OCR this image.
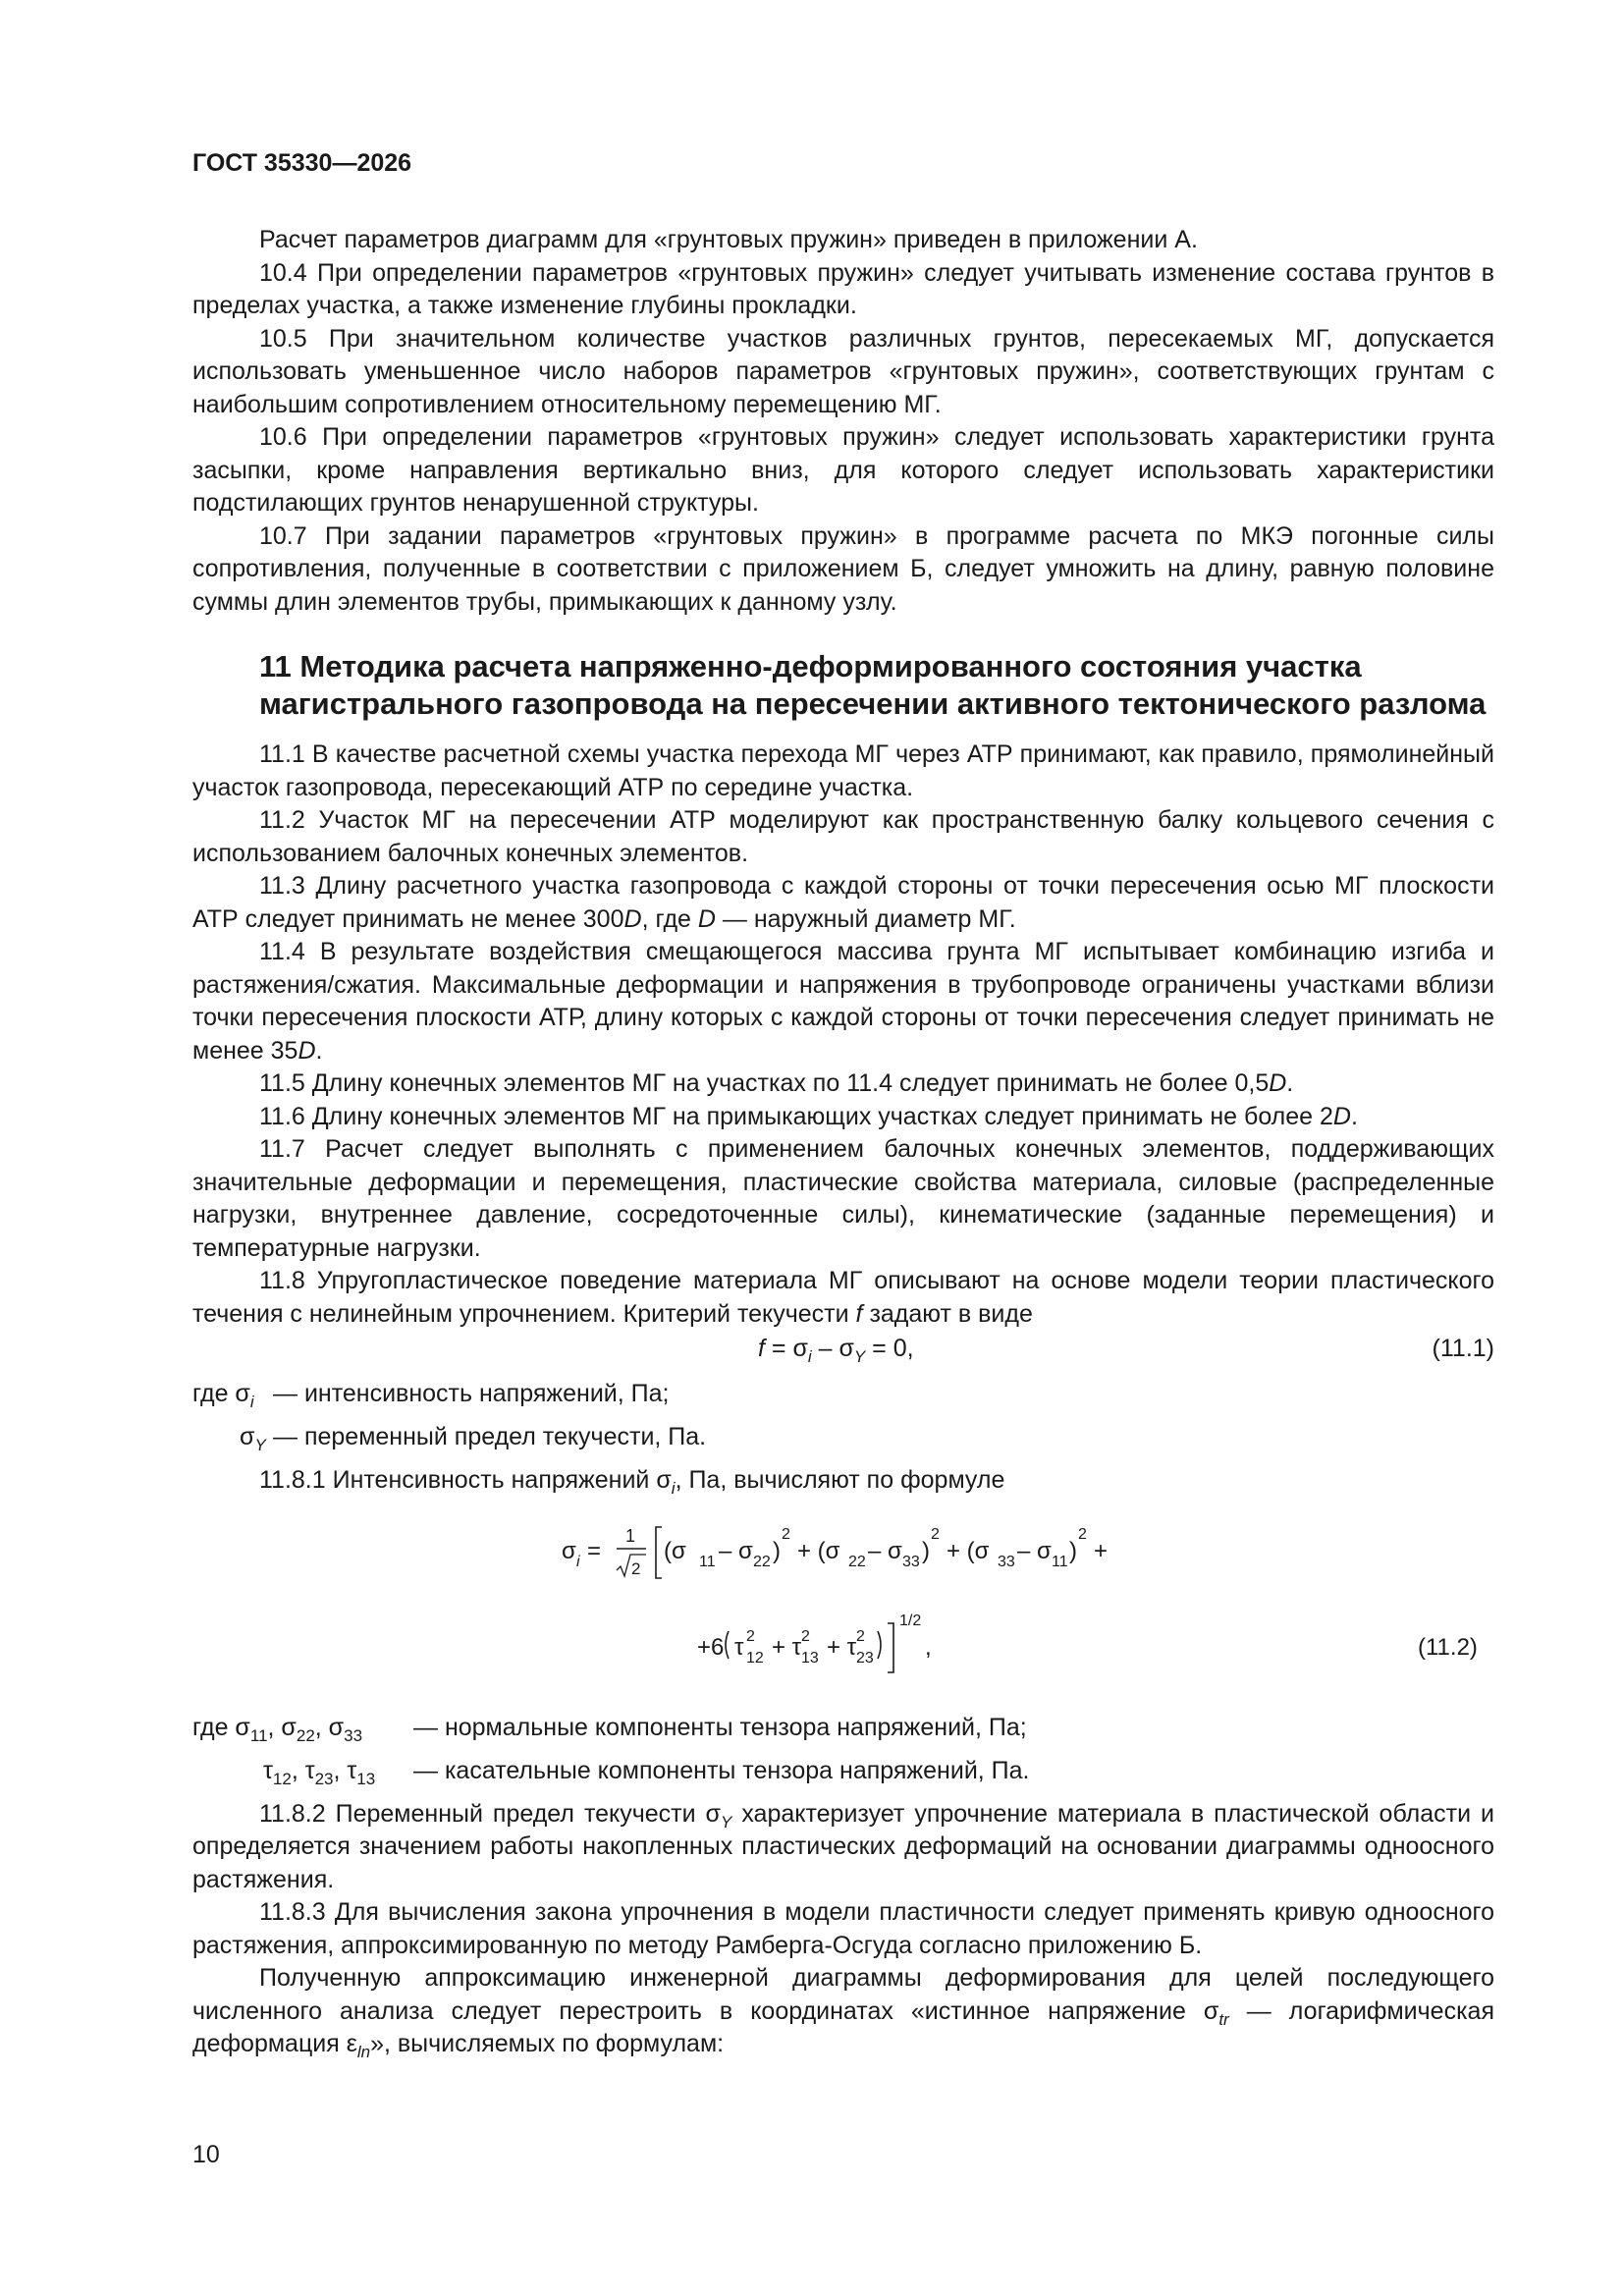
ГОСТ 35330—2026

Расчет параметров диаграмм для «грунтовых пружин» приведен в приложении А.

10.4 При определении параметров «грунтовых пружин» следует учитывать изменение состава грунтов в пределах участка, а также изменение глубины прокладки.

10.5 При значительном количестве участков различных грунтов, пересекаемых МГ, допускается использовать уменьшенное число наборов параметров «грунтовых пружин», соответствующих грунтам с наибольшим сопротивлением относительному перемещению МГ.

10.6 При определении параметров «грунтовых пружин» следует использовать характеристики грунта засыпки, кроме направления вертикально вниз, для которого следует использовать характеристики подстилающих грунтов ненарушенной структуры.

10.7 При задании параметров «грунтовых пружин» в программе расчета по МКЭ погонные силы сопротивления, полученные в соответствии с приложением Б, следует умножить на длину, равную половине суммы длин элементов трубы, примыкающих к данному узлу.

11 Методика расчета напряженно-деформированного состояния участка магистрального газопровода на пересечении активного тектонического разлома

11.1 В качестве расчетной схемы участка перехода МГ через АТР принимают, как правило, прямолинейный участок газопровода, пересекающий АТР по середине участка.

11.2 Участок МГ на пересечении АТР моделируют как пространственную балку кольцевого сечения с использованием балочных конечных элементов.

11.3 Длину расчетного участка газопровода с каждой стороны от точки пересечения осью МГ плоскости АТР следует принимать не менее 300D, где D — наружный диаметр МГ.

11.4 В результате воздействия смещающегося массива грунта МГ испытывает комбинацию изгиба и растяжения/сжатия. Максимальные деформации и напряжения в трубопроводе ограничены участками вблизи точки пересечения плоскости АТР, длину которых с каждой стороны от точки пересечения следует принимать не менее 35D.

11.5 Длину конечных элементов МГ на участках по 11.4 следует принимать не более 0,5D.

11.6 Длину конечных элементов МГ на примыкающих участках следует принимать не более 2D.

11.7 Расчет следует выполнять с применением балочных конечных элементов, поддерживающих значительные деформации и перемещения, пластические свойства материала, силовые (распределенные нагрузки, внутреннее давление, сосредоточенные силы), кинематические (заданные перемещения) и температурные нагрузки.

11.8 Упругопластическое поведение материала МГ описывают на основе модели теории пластического течения с нелинейным упрочнением. Критерий текучести f задают в виде

$f = \sigma_i - \sigma_Y = 0$,	(11.1)
где $\sigma_i$ — интенсивность напряжений, Па;
$\sigma_Y$ — переменный предел текучести, Па.

11.8.1 Интенсивность напряжений $\sigma_i$, Па, вычисляют по формуле

σ i =
1
2
(σ 11 – σ 22 )
2
+ (σ 22 – σ 33 )
2
+ (σ 33 – σ 11 )
2
+
+6 τ 2
12 + τ 2
13 + τ 2
23
1/2
,	(11.2)
где $\sigma_{11}$, $\sigma_{22}$, $\sigma_{33}$ — нормальные компоненты тензора напряжений, Па;
$\tau_{12}$, $\tau_{23}$, $\tau_{13}$ — касательные компоненты тензора напряжений, Па.

11.8.2 Переменный предел текучести $\sigma_Y$ характеризует упрочнение материала в пластической области и определяется значением работы накопленных пластических деформаций на основании диаграммы одноосного растяжения.

11.8.3 Для вычисления закона упрочнения в модели пластичности следует применять кривую одноосного растяжения, аппроксимированную по методу Рамберга-Осгуда согласно приложению Б.

Полученную аппроксимацию инженерной диаграммы деформирования для целей последующего численного анализа следует перестроить в координатах «истинное напряжение $\sigma_{tr}$ — логарифмическая деформация $\varepsilon_{ln}$», вычисляемых по формулам:

10
